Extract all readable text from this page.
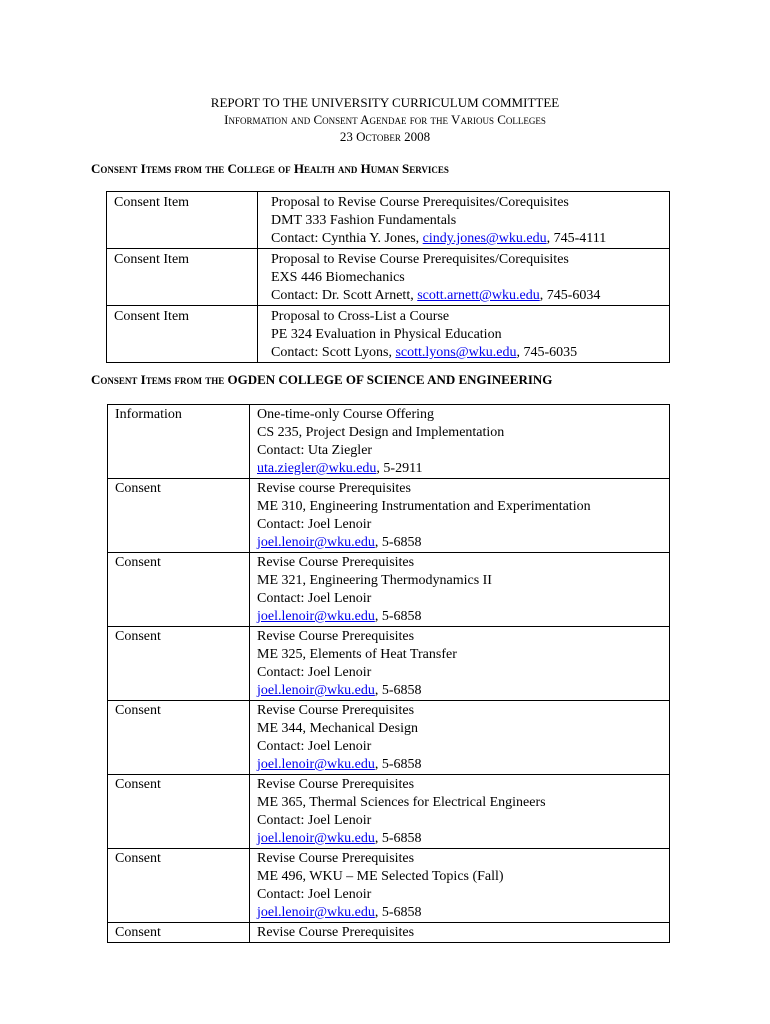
REPORT TO THE UNIVERSITY CURRICULUM COMMITTEE
Information and Consent Agendae for the Various Colleges
23 October 2008
Consent Items from the College of Health and Human Services
Consent Item	Proposal to Revise Course Prerequisites/Corequisites
DMT 333 Fashion Fundamentals
Contact: Cynthia Y. Jones, cindy.jones@wku.edu, 745-4111

Consent Item	Proposal to Revise Course Prerequisites/Corequisites
EXS 446 Biomechanics
Contact: Dr. Scott Arnett, scott.arnett@wku.edu, 745-6034

Consent Item	Proposal to Cross-List a Course
PE 324 Evaluation in Physical Education
Contact: Scott Lyons, scott.lyons@wku.edu, 745-6035
Consent Items from the OGDEN COLLEGE OF SCIENCE AND ENGINEERING
Information	One-time-only Course Offering
CS 235, Project Design and Implementation
Contact: Uta Ziegler
uta.ziegler@wku.edu, 5-2911

Consent	Revise course Prerequisites
ME 310, Engineering Instrumentation and Experimentation
Contact: Joel Lenoir
joel.lenoir@wku.edu, 5-6858

Consent	Revise Course Prerequisites
ME 321, Engineering Thermodynamics II
Contact: Joel Lenoir
joel.lenoir@wku.edu, 5-6858

Consent	Revise Course Prerequisites
ME 325, Elements of Heat Transfer
Contact: Joel Lenoir
joel.lenoir@wku.edu, 5-6858

Consent	Revise Course Prerequisites
ME 344, Mechanical Design
Contact: Joel Lenoir
joel.lenoir@wku.edu, 5-6858

Consent	Revise Course Prerequisites
ME 365, Thermal Sciences for Electrical Engineers
Contact: Joel Lenoir
joel.lenoir@wku.edu, 5-6858

Consent	Revise Course Prerequisites
ME 496, WKU – ME Selected Topics (Fall)
Contact: Joel Lenoir
joel.lenoir@wku.edu, 5-6858

Consent	Revise Course Prerequisites
